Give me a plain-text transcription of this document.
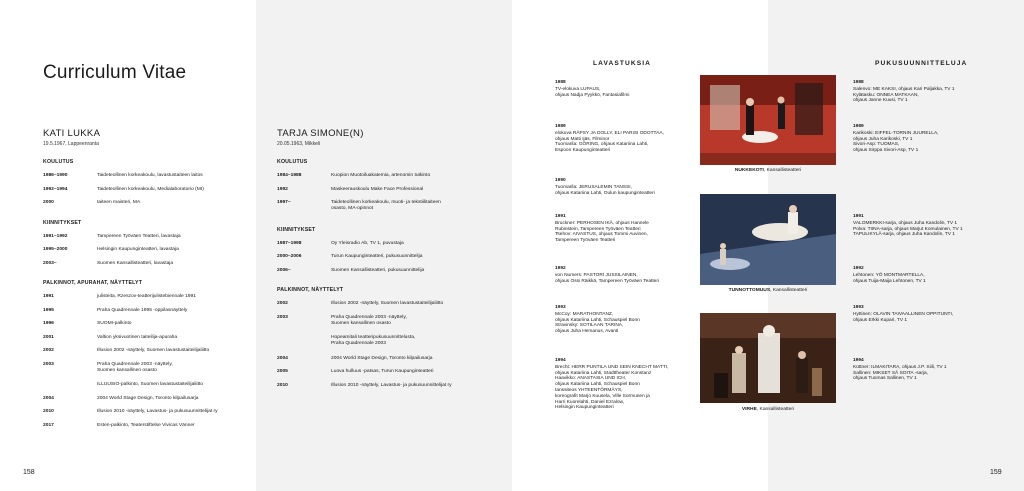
Curriculum Vitae
KATI LUKKA
19.5.1967, Lappeenranta
KOULUTUS
1986–1990	Taideteollinen korkeakoulu, lavastustaiteen laitos
1992–1994	Taideteollinen korkeakoulu, Medialaboratorio (MI)
2000	taiteen maisteri, MA
KIINNITYKSET
1991–1992	Tampereen Työväen Teatteri, lavastaja
1995–2000	Helsingin Kaupunginteatteri, lavastaja
2003–	Suomen Kansallisteatteri, lavastaja
PALKINNOT, APURAHAT, NÄYTTELYT
1991	julisteita, Rzeszov-teatterijulistebiennale 1991
1995	Praha Quadrennale 1995 -oppilasnäyttely
1996	SUOMI-palkinto
2001	Valtion yksivuotinen taiteilija-apuraha
2002	Illusion 2002 -näyttely, Suomen lavastustaiteilijaliitto
2003	Praha Quadrennale 2003 -näyttely,
Suomen kansallinen osasto
ILLUUSIO-palkinto, Suomen lavastustaiteilijaliitto
2004	2004 World Stage Design, Toronto kilpailusarja
2010	Illusion 2010 -näyttely, Lavastus- ja pukusuunnittelijat ry
2017	Esten-palkinto, Teaterstiftelse Vivicas Vänner
TARJA SIMONE(N)
20.05.1963, Mikkeli
KOULUTUS
1984–1988	Kuopion Muotoiluakatemia, artenomin tutkinto
1992	Maskeerauskoulu Make Face Professional
1997–	Taideteollinen korkeakoulu, muoti- ja tekstiilitaiteen
osasto, MA-opinnot
KIINNITYKSET
1987–1998	Oy Yleisradio Ab, TV 1, puvustaja
2000–2006	Turun Kaupunginteatteri, pukusuunnittelija
2006–	Suomen Kansallisteatteri, pukusuunnittelija
PALKINNOT, NÄYTTELYT
2002	Illusion 2002 -näyttely, Suomen lavastustaiteilijaliitto
2003	Praha Quadrennale 2003 -näyttely,
Suomen kansallinen osasto
Hopeamitali teatteripukusuunnittelusta,
Praha Quadrennale 2003
2004	2004 World Stage Design, Toronto kilpailusarja
2005	Luova hulluus -patsas, Turun Kaupunginteatteri
2010	Illusion 2010 -näyttely, Lavastus- ja pukusuunnittelijat ry
158
LAVASTUKSIA	PUKUSUUNNITTELUJA
1988
TV-elokuva LUPAUS,
ohjaus Nadja Pyykkö, Fantasiafilmi
1989
elokuva RÄPSY JA DOLLY, ELI PARISI ODOTTAA,
ohjaus Matti Ijäs, Filminor
Tuomarila: GÖRING, ohjaus Katariina Lahti,
Espoon Kaupunginteatteri
1990
Tuomarila: JERUSALEMIN TANSSI,
ohjaus Katariina Lahti, Oulun kaupunginteatteri
1991
Bruckner: PERHOSEN IKÄ, ohjaus Hannele
Rubinstein, Tampereen Työväen Teatteri
Tsehov: AIVASTUS, ohjaus Tommi Auvinen,
Tampereen Työväen Teatteri
1992
von Numers: PASTORI JUSSILAINEN,
ohjaus Ossi Räikkä, Tampereen Työväen Teatteri
1993
McCoy: MARATHONTANZ,
ohjaus Katariina Lahti, Schauspiel Bonn
Stravinsky: SOTILAAN TARINA,
ohjaus Juha Hemanus, Avanti
1994
Brecht: HERR PUNTILA UND SEIN KNECHT MATTI,
ohjaus Katariina Lahti, Stadttheater Konstanz
Haavikko: ANASTASIA UND ICH,
ohjaus Katariina Lahti, Schauspiel Bonn
tanssiteos YHTEENTÖRMÄYS,
koreografit Marjo Kuusela, Ville Sormunen ja
Harri Kuorelahti, Daniel Ezralow,
Helsingin Kaupunginteatteri
1988
Salenvo: ME KAKSI, ohjaus Kari Paljakka, TV 1
Kylätasku: ONNEA MATKAAN,
ohjaus Janne Kuusi, TV 1
1989
Karikoski: EIFFEL-TORNIN JUURELLA,
ohjaus Juha Karikoski, TV 1
Sivori-Asp: TUOMAS,
ohjaus Sirppa Sivori-Asp, TV 1
1991
VALOMERKKI-sarja, ohjaus Juha Kandolin, TV 1
Polva: TIINA-sarja, ohjaus Marjut Komulainen, TV 1
TAPULIKYLÄ-sarja, ohjaus Juha Kandolin, TV 1
1992
Lehtonen: YÖ MONTMARTELLA,
ohjaus Tuija-Maija Lehtonen, TV 1
1993
Hyttinen: OLAVIN TAIVAALLINEN OPPITUNTI,
ohjaus Erkki Kupari, TV 1
1994
Küttner: ILMAKITARA, ohjaus J.P. Siili, TV 1
Sallinen: MIKSET SÄ SOITA -sarja,
ohjaus Tuomas Sallinen, TV 1
NUKKEKOTI, Kansallisteatteri
TUNNOTTOMUUS, Kansallisteatteri
VIRHE, Kansallisteatteri
159
